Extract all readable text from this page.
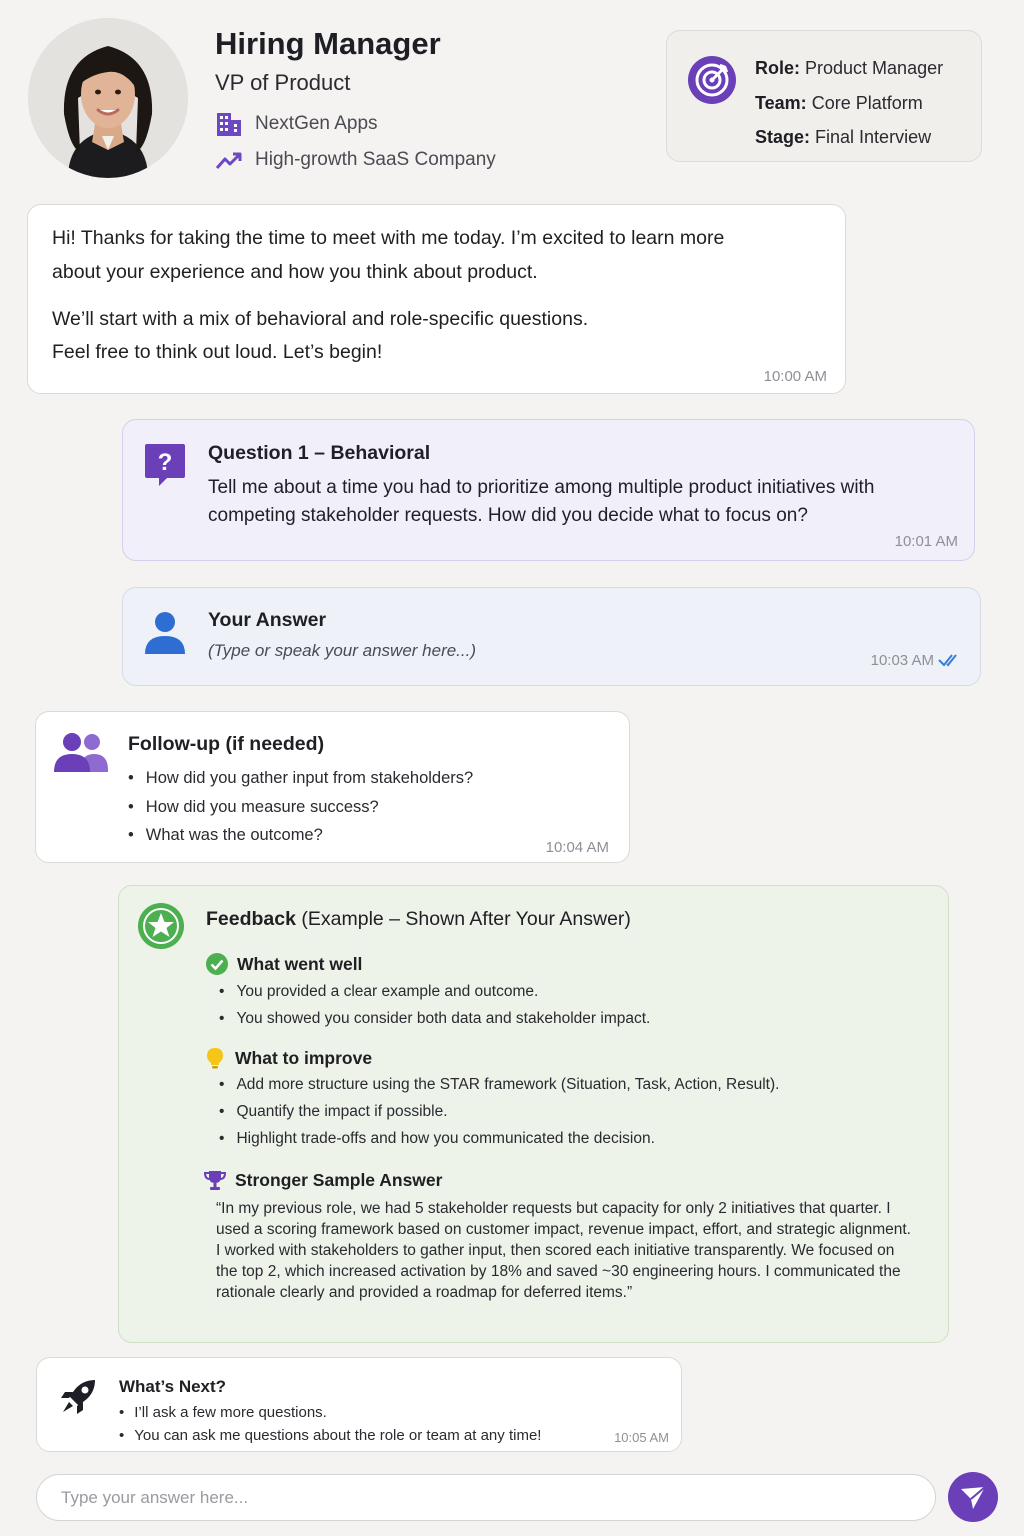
Hiring Manager
VP of Product
NextGen Apps
High-growth SaaS Company
Role: Product Manager
Team: Core Platform
Stage: Final Interview

Hi! Thanks for taking the time to meet with me today. I’m excited to learn more

about your experience and how you think about product.

We’ll start with a mix of behavioral and role-specific questions.

Feel free to think out loud. Let’s begin!

10:00 AM
? Question 1 – Behavioral
Tell me about a time you had to prioritize among multiple product initiatives with competing stakeholder requests. How did you decide what to focus on?
10:01 AM
Your Answer
(Type or speak your answer here...)
10:03 AM
Follow-up (if needed)
• How did you gather input from stakeholders?
• How did you measure success?
• What was the outcome?
10:04 AM
Feedback (Example – Shown After Your Answer)
What went well
• You provided a clear example and outcome.
• You showed you consider both data and stakeholder impact.
What to improve
• Add more structure using the STAR framework (Situation, Task, Action, Result).
• Quantify the impact if possible.
• Highlight trade-offs and how you communicated the decision.
Stronger Sample Answer
“In my previous role, we had 5 stakeholder requests but capacity for only 2 initiatives that quarter. I used a scoring framework based on customer impact, revenue impact, effort, and strategic alignment. I worked with stakeholders to gather input, then scored each initiative transparently. We focused on the top 2, which increased activation by 18% and saved ~30 engineering hours. I communicated the rationale clearly and provided a roadmap for deferred items.”
What’s Next?
• I’ll ask a few more questions.
• You can ask me questions about the role or team at any time!	10:05 AM
Type your answer here...
